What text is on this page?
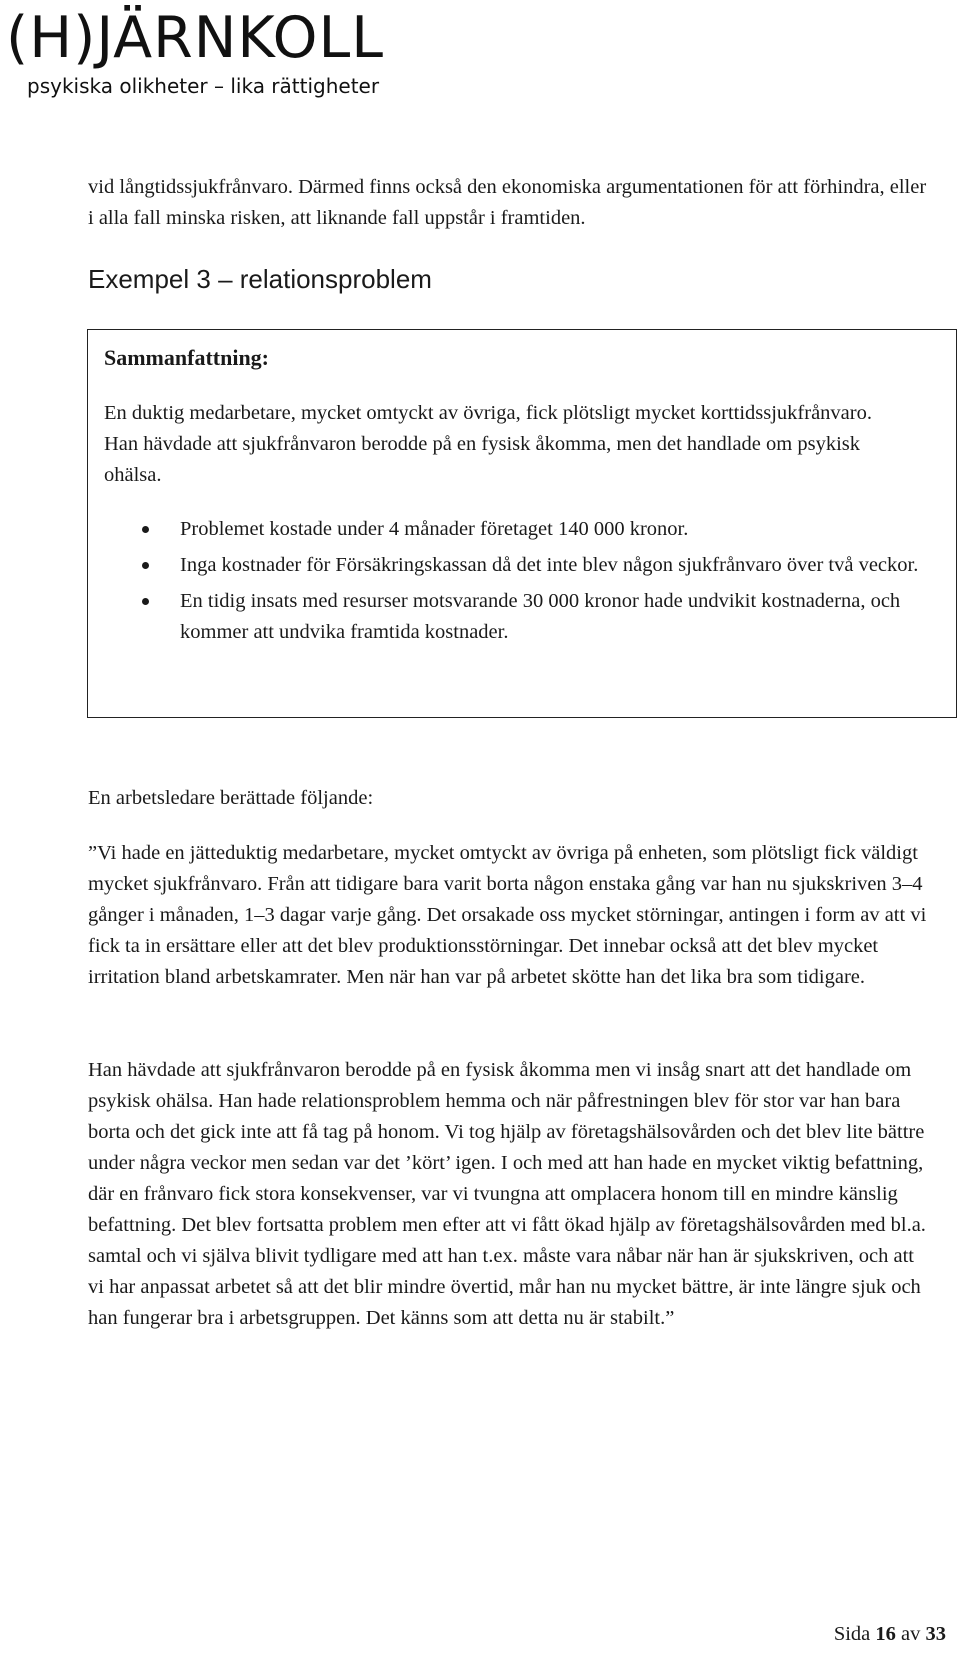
(H)JÄRNKOLL
psykiska olikheter – lika rättigheter

vid långtidssjukfrånvaro. Därmed finns också den ekonomiska argumentationen för att förhindra, eller i alla fall minska risken, att liknande fall uppstår i framtiden.

Exempel 3 – relationsproblem
Sammanfattning:

En duktig medarbetare, mycket omtyckt av övriga, fick plötsligt mycket korttidssjukfrånvaro. Han hävdade att sjukfrånvaron berodde på en fysisk åkomma, men det handlade om psykisk ohälsa.

Problemet kostade under 4 månader företaget 140 000 kronor.
Inga kostnader för Försäkringskassan då det inte blev någon sjukfrånvaro över två veckor.
En tidig insats med resurser motsvarande 30 000 kronor hade undvikit kostnaderna, och kommer att undvika framtida kostnader.

En arbetsledare berättade följande:

”Vi hade en jätteduktig medarbetare, mycket omtyckt av övriga på enheten, som plötsligt fick väldigt mycket sjukfrånvaro. Från att tidigare bara varit borta någon enstaka gång var han nu sjukskriven 3–4 gånger i månaden, 1–3 dagar varje gång. Det orsakade oss mycket störningar, antingen i form av att vi fick ta in ersättare eller att det blev produktionsstörningar. Det innebar också att det blev mycket irritation bland arbetskamrater. Men när han var på arbetet skötte han det lika bra som tidigare.

Han hävdade att sjukfrånvaron berodde på en fysisk åkomma men vi insåg snart att det handlade om psykisk ohälsa. Han hade relationsproblem hemma och när påfrestningen blev för stor var han bara borta och det gick inte att få tag på honom. Vi tog hjälp av företagshälsovården och det blev lite bättre under några veckor men sedan var det ’kört’ igen. I och med att han hade en mycket viktig befattning, där en frånvaro fick stora konsekvenser, var vi tvungna att omplacera honom till en mindre känslig befattning. Det blev fortsatta problem men efter att vi fått ökad hjälp av företagshälsovården med bl.a. samtal och vi själva blivit tydligare med att han t.ex. måste vara nåbar när han är sjukskriven, och att vi har anpassat arbetet så att det blir mindre övertid, mår han nu mycket bättre, är inte längre sjuk och han fungerar bra i arbetsgruppen. Det känns som att detta nu är stabilt.”

Sida 16 av 33
